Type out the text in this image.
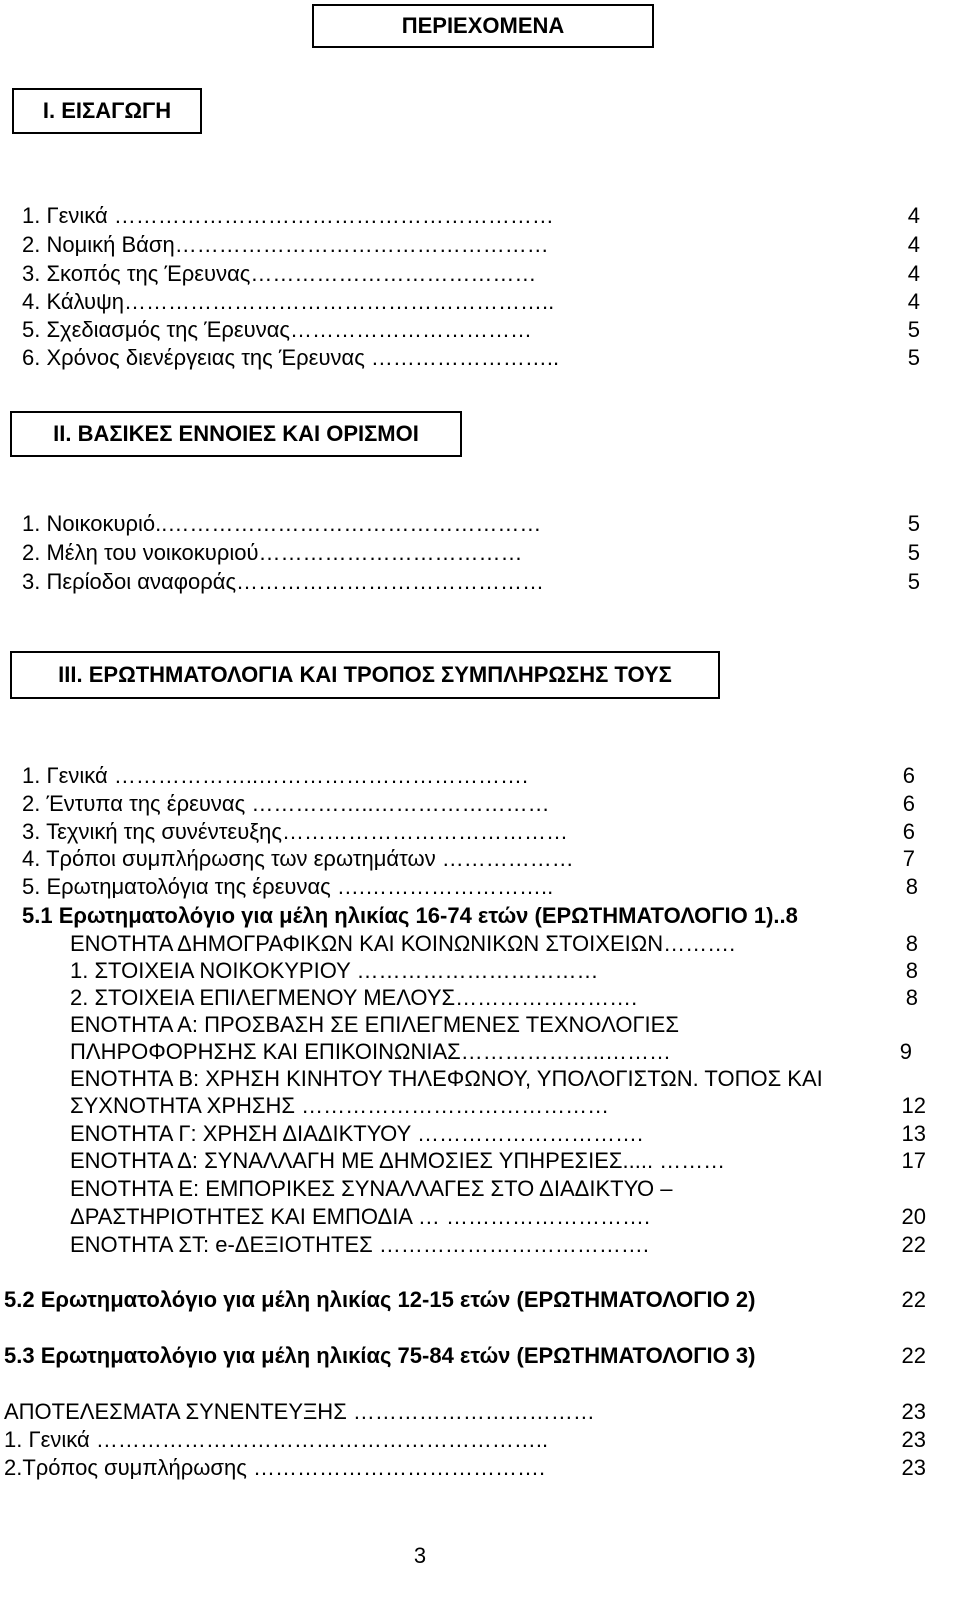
ΠΕΡΙΕΧΟΜΕΝΑ
I. ΕΙΣΑΓΩΓΗ
1. Γενικά ……………………………………………………	4
2. Νομική Βάση……………………………………………	4
3. Σκοπός της Έρευνας…………………………………	4
4. Κάλυψη…………………………………………………..	4
5. Σχεδιασμός της Έρευνας……………………………	5
6. Χρόνος διενέργειας της Έρευνας ……………………..	5
II. ΒΑΣΙΚΕΣ ΕΝΝΟΙΕΣ ΚΑΙ ΟΡΙΣΜΟΙ
1. Νοικοκυριό..……………………………………………	5
2. Μέλη του νοικοκυριού………………………………	5
3. Περίοδοι αναφοράς……………………………………	5
III. ΕΡΩΤΗΜΑΤΟΛΟΓΙΑ ΚΑΙ ΤΡΟΠΟΣ ΣΥΜΠΛΗΡΩΣΗΣ ΤΟΥΣ
1. Γενικά ………………..……………………………….	6
2. Έντυπα της έρευνας ……………..……………………	6
3. Τεχνική της συνέντευξης…………………………………	6
4. Τρόποι συμπλήρωσης των ερωτημάτων ………………	7
5. Ερωτηματολόγια της έρευνας ….……………………..	8
5.1 Ερωτηματολόγιο για μέλη ηλικίας 16-74 ετών (ΕΡΩΤΗΜΑΤΟΛΟΓΙΟ 1)..8
ΕΝΟΤΗΤΑ ΔΗΜΟΓΡΑΦΙΚΩΝ ΚΑΙ ΚΟΙΝΩΝΙΚΩΝ ΣΤΟΙΧΕΙΩΝ……….	8
1. ΣΤΟΙΧΕΙΑ ΝΟΙΚΟΚΥΡΙΟΥ ……………………………	8
2. ΣΤΟΙΧΕΙΑ ΕΠΙΛΕΓΜΕΝΟΥ ΜΕΛΟΥΣ…………………….	8
ΕΝΟΤΗΤΑ Α: ΠΡΟΣΒΑΣΗ ΣΕ ΕΠΙΛΕΓΜΕΝΕΣ ΤΕΧΝΟΛΟΓΙΕΣ
ΠΛΗΡΟΦΟΡΗΣΗΣ ΚΑΙ ΕΠΙΚΟΙΝΩΝΙΑΣ………………..………	9
ΕΝΟΤΗΤΑ Β: ΧΡΗΣΗ ΚΙΝΗΤΟΥ ΤΗΛΕΦΩΝΟΥ, ΥΠΟΛΟΓΙΣΤΩΝ. ΤΟΠΟΣ ΚΑΙ
ΣΥΧΝΟΤΗΤΑ ΧΡΗΣΗΣ ……………………………………	12
ΕΝΟΤΗΤΑ Γ: ΧΡΗΣΗ ΔΙΑΔΙΚΤΥΟΥ ………………………….	13
ΕΝΟΤΗΤΑ Δ: ΣΥΝΑΛΛΑΓΗ ΜΕ ΔΗΜΟΣΙΕΣ ΥΠΗΡΕΣΙΕΣ..... ………	17
ΕΝΟΤΗΤΑ Ε: ΕΜΠΟΡΙΚΕΣ ΣΥΝΑΛΛΑΓΕΣ ΣΤΟ ΔΙΑΔΙΚΤΥΟ –
ΔΡΑΣΤΗΡΙΟΤΗΤΕΣ ΚΑΙ ΕΜΠΟΔΙΑ … ……………………….	20
ΕΝΟΤΗΤΑ ΣΤ: e-ΔΕΞΙΟΤΗΤΕΣ ……………………………….	22
5.2 Ερωτηματολόγιο για μέλη ηλικίας 12-15 ετών (ΕΡΩΤΗΜΑΤΟΛΟΓΙΟ 2)	22
5.3 Ερωτηματολόγιο για μέλη ηλικίας 75-84 ετών (ΕΡΩΤΗΜΑΤΟΛΟΓΙΟ 3)	22
ΑΠΟΤΕΛΕΣΜΑΤΑ ΣΥΝΕΝΤΕΥΞΗΣ ……………………………	23
1. Γενικά ……………………………………………………..	23
2.Τρόπος συμπλήρωσης ………………………………….	23
3
